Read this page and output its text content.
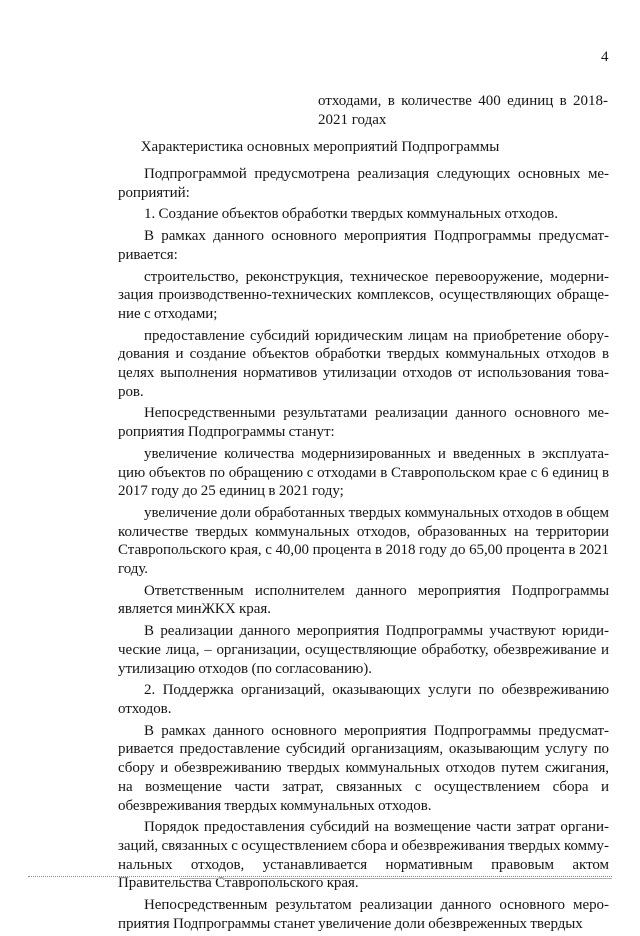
4
отходами, в количестве 400 единиц в 2018-2021 годах
Характеристика основных мероприятий Подпрограммы

Подпрограммой предусмотрена реализация следующих основных мероприятий:

1. Создание объектов обработки твердых коммунальных отходов.

В рамках данного основного мероприятия Подпрограммы предусматривается:

строительство, реконструкция, техническое перевооружение, модернизация производственно-технических комплексов, осуществляющих обращение с отходами;

предоставление субсидий юридическим лицам на приобретение оборудования и создание объектов обработки твердых коммунальных отходов в целях выполнения нормативов утилизации отходов от использования товаров.

Непосредственными результатами реализации данного основного мероприятия Подпрограммы станут:

увеличение количества модернизированных и введенных в эксплуатацию объектов по обращению с отходами в Ставропольском крае с 6 единиц в 2017 году до 25 единиц в 2021 году;

увеличение доли обработанных твердых коммунальных отходов в общем количестве твердых коммунальных отходов, образованных на территории Ставропольского края, с 40,00 процента в 2018 году до 65,00 процента в 2021 году.

Ответственным исполнителем данного мероприятия Подпрограммы является минЖКХ края.

В реализации данного мероприятия Подпрограммы участвуют юридические лица, – организации, осуществляющие обработку, обезвреживание и утилизацию отходов (по согласованию).

2. Поддержка организаций, оказывающих услуги по обезвреживанию отходов.

В рамках данного основного мероприятия Подпрограммы предусматривается предоставление субсидий организациям, оказывающим услугу по сбору и обезвреживанию твердых коммунальных отходов путем сжигания, на возмещение части затрат, связанных с осуществлением сбора и обезвреживания твердых коммунальных отходов.

Порядок предоставления субсидий на возмещение части затрат организаций, связанных с осуществлением сбора и обезвреживания твердых коммунальных отходов, устанавливается нормативным правовым актом Правительства Ставропольского края.

Непосредственным результатом реализации данного основного мероприятия Подпрограммы станет увеличение доли обезвреженных твердых
